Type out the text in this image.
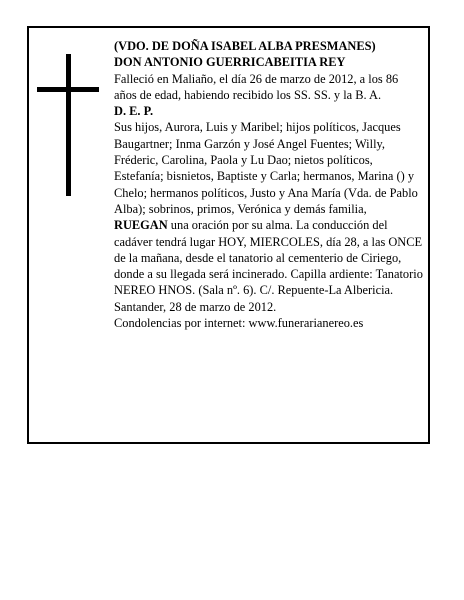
(VDO. DE DOÑA ISABEL ALBA PRESMANES)

DON ANTONIO GUERRICABEITIA REY

Falleció en Maliaño, el día 26 de marzo de 2012, a los 86 años de edad, habiendo recibido los SS. SS. y la B. A.

D. E. P.

Sus hijos, Aurora, Luis y Maribel; hijos políticos, Jacques Baugartner; Inma Garzón y José Angel Fuentes; Willy, Fréderic, Carolina, Paola y Lu Dao; nietos políticos, Estefanía; bisnietos, Baptiste y Carla; hermanos, Marina () y Chelo; hermanos políticos, Justo y Ana María (Vda. de Pablo Alba); sobrinos, primos, Verónica y demás familia,

RUEGAN una oración por su alma. La conducción del cadáver tendrá lugar HOY, MIERCOLES, día 28, a las ONCE de la mañana, desde el tanatorio al cementerio de Ciriego, donde a su llegada será incinerado. Capilla ardiente: Tanatorio NEREO HNOS. (Sala nº. 6). C/. Repuente-La Albericia.

Santander, 28 de marzo de 2012.

Condolencias por internet: www.funerarianereo.es
